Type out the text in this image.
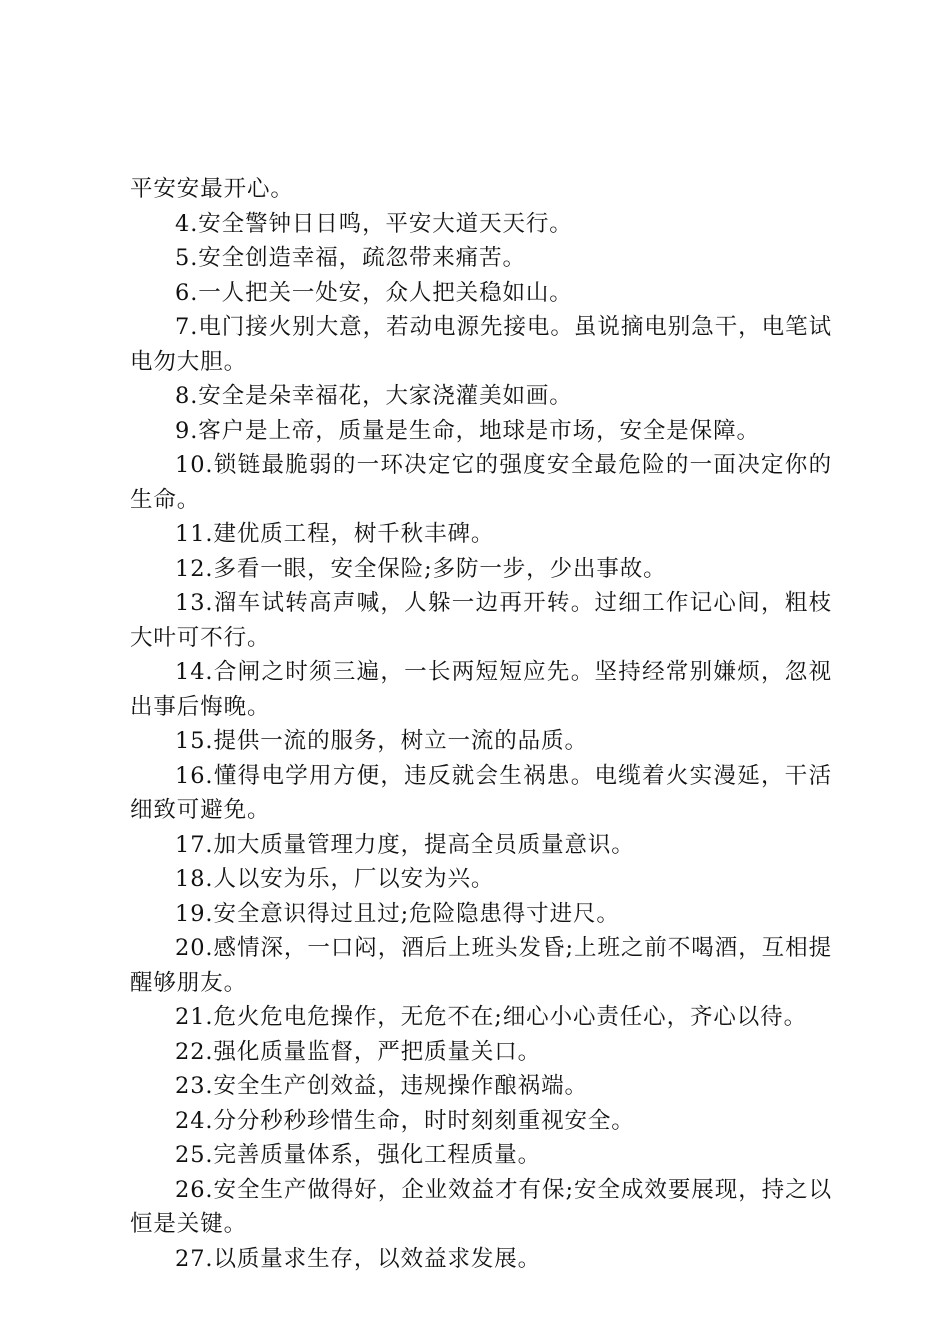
平安安最开心。

4.安全警钟日日鸣，平安大道天天行。

5.安全创造幸福，疏忽带来痛苦。

6.一人把关一处安，众人把关稳如山。

7.电门接火别大意，若动电源先接电。虽说摘电别急干，电笔试电勿大胆。

8.安全是朵幸福花，大家浇灌美如画。

9.客户是上帝，质量是生命，地球是市场，安全是保障。

10.锁链最脆弱的一环决定它的强度安全最危险的一面决定你的生命。

11.建优质工程，树千秋丰碑。

12.多看一眼，安全保险;多防一步，少出事故。

13.溜车试转高声喊，人躲一边再开转。过细工作记心间，粗枝大叶可不行。

14.合闸之时须三遍，一长两短短应先。坚持经常别嫌烦，忽视出事后悔晚。

15.提供一流的服务，树立一流的品质。

16.懂得电学用方便，违反就会生祸患。电缆着火实漫延，干活细致可避免。

17.加大质量管理力度，提高全员质量意识。

18.人以安为乐，厂以安为兴。

19.安全意识得过且过;危险隐患得寸进尺。

20.感情深，一口闷，酒后上班头发昏;上班之前不喝酒，互相提醒够朋友。

21.危火危电危操作，无危不在;细心小心责任心，齐心以待。

22.强化质量监督，严把质量关口。

23.安全生产创效益，违规操作酿祸端。

24.分分秒秒珍惜生命，时时刻刻重视安全。

25.完善质量体系，强化工程质量。

26.安全生产做得好，企业效益才有保;安全成效要展现，持之以恒是关键。

27.以质量求生存，以效益求发展。
